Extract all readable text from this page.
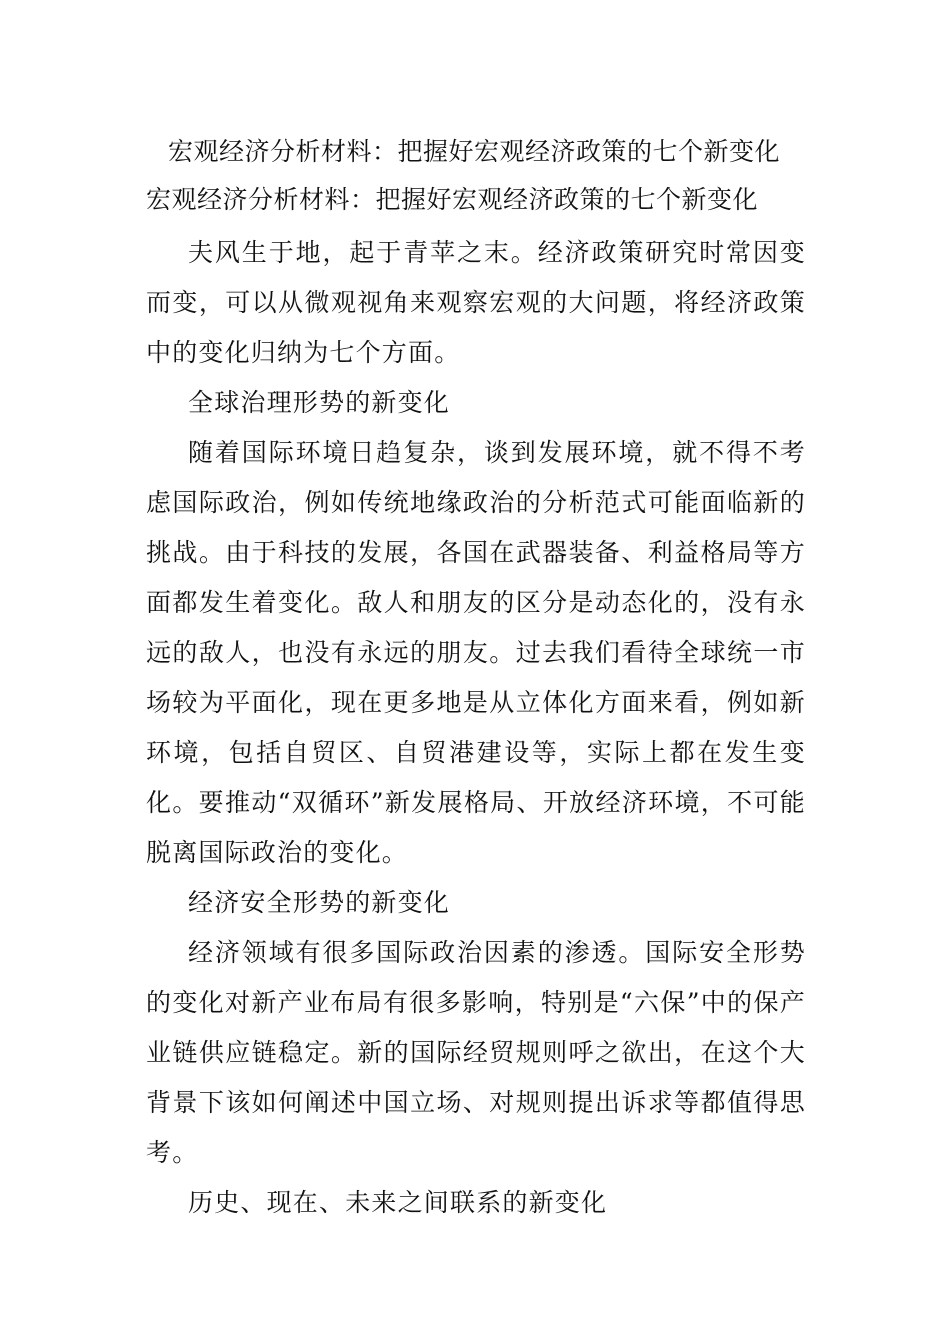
宏观经济分析材料：把握好宏观经济政策的七个新变化
宏观经济分析材料：把握好宏观经济政策的七个新变化

夫风生于地，起于青苹之末。经济政策研究时常因变而变，可以从微观视角来观察宏观的大问题，将经济政策中的变化归纳为七个方面。

全球治理形势的新变化

随着国际环境日趋复杂，谈到发展环境，就不得不考虑国际政治，例如传统地缘政治的分析范式可能面临新的挑战。由于科技的发展，各国在武器装备、利益格局等方面都发生着变化。敌人和朋友的区分是动态化的，没有永远的敌人，也没有永远的朋友。过去我们看待全球统一市场较为平面化，现在更多地是从立体化方面来看，例如新环境，包括自贸区、自贸港建设等，实际上都在发生变化。要推动“双循环”新发展格局、开放经济环境，不可能脱离国际政治的变化。

经济安全形势的新变化

经济领域有很多国际政治因素的渗透。国际安全形势的变化对新产业布局有很多影响，特别是“六保”中的保产业链供应链稳定。新的国际经贸规则呼之欲出，在这个大背景下该如何阐述中国立场、对规则提出诉求等都值得思考。

历史、现在、未来之间联系的新变化
